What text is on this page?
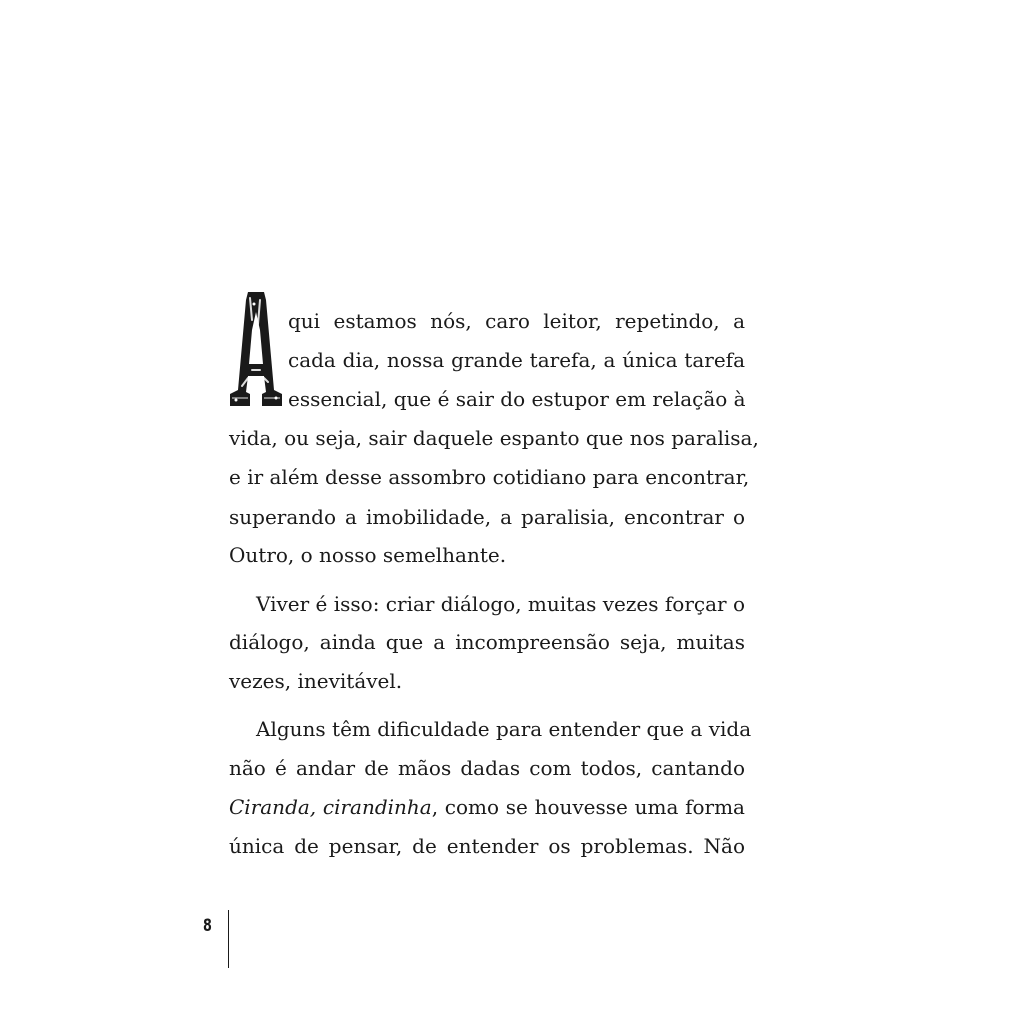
qui estamos nós, caro leitor, repetindo, a
cada dia, nossa grande tarefa, a única tarefa
essencial, que é sair do estupor em relação à
vida, ou seja, sair daquele espanto que nos paralisa,
e ir além desse assombro cotidiano para encontrar,
superando a imobilidade, a paralisia, encontrar o
Outro, o nosso semelhante.
Viver é isso: criar diálogo, muitas vezes forçar o
diálogo, ainda que a incompreensão seja, muitas
vezes, inevitável.
Alguns têm dificuldade para entender que a vida
não é andar de mãos dadas com todos, cantando
Ciranda, cirandinha, como se houvesse uma forma
única de pensar, de entender os problemas. Não
8
